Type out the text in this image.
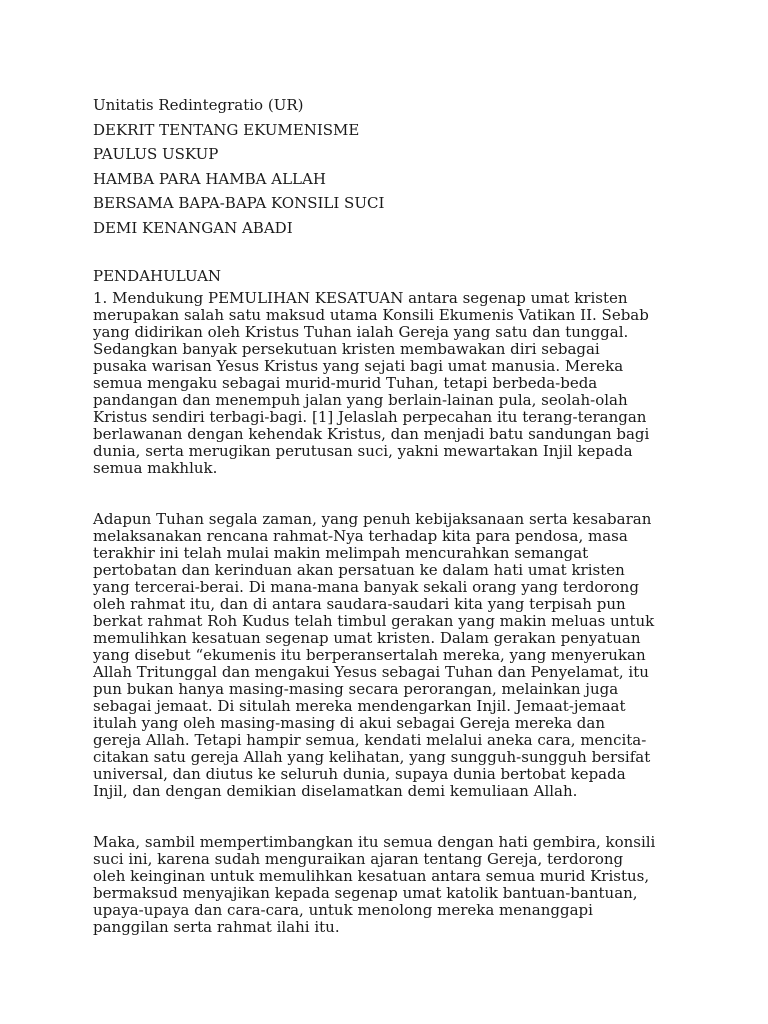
Unitatis Redintegratio (UR)

DEKRIT TENTANG EKUMENISME

PAULUS USKUP

HAMBA PARA HAMBA ALLAH

BERSAMA BAPA-BAPA KONSILI SUCI

DEMI KENANGAN ABADI

PENDAHULUAN

1. Mendukung PEMULIHAN KESATUAN antara segenap umat kristen
merupakan salah satu maksud utama Konsili Ekumenis Vatikan II. Sebab
yang didirikan oleh Kristus Tuhan ialah Gereja yang satu dan tunggal.
Sedangkan banyak persekutuan kristen membawakan diri sebagai
pusaka warisan Yesus Kristus yang sejati bagi umat manusia. Mereka
semua mengaku sebagai murid-murid Tuhan, tetapi berbeda-beda
pandangan dan menempuh jalan yang berlain-lainan pula, seolah-olah
Kristus sendiri terbagi-bagi. [1] Jelaslah perpecahan itu terang-terangan
berlawanan dengan kehendak Kristus, dan menjadi batu sandungan bagi
dunia, serta merugikan perutusan suci, yakni mewartakan Injil kepada
semua makhluk.
Adapun Tuhan segala zaman, yang penuh kebijaksanaan serta kesabaran
melaksanakan rencana rahmat-Nya terhadap kita para pendosa, masa
terakhir ini telah mulai makin melimpah mencurahkan semangat
pertobatan dan kerinduan akan persatuan ke dalam hati umat kristen
yang tercerai-berai. Di mana-mana banyak sekali orang yang terdorong
oleh rahmat itu, dan di antara saudara-saudari kita yang terpisah pun
berkat rahmat Roh Kudus telah timbul gerakan yang makin meluas untuk
memulihkan kesatuan segenap umat kristen. Dalam gerakan penyatuan
yang disebut “ekumenis itu berperansertalah mereka, yang menyerukan
Allah Tritunggal dan mengakui Yesus sebagai Tuhan dan Penyelamat, itu
pun bukan hanya masing-masing secara perorangan, melainkan juga
sebagai jemaat. Di situlah mereka mendengarkan Injil. Jemaat-jemaat
itulah yang oleh masing-masing di akui sebagai Gereja mereka dan
gereja Allah. Tetapi hampir semua, kendati melalui aneka cara, mencita-
citakan satu gereja Allah yang kelihatan, yang sungguh-sungguh bersifat
universal, dan diutus ke seluruh dunia, supaya dunia bertobat kepada
Injil, dan dengan demikian diselamatkan demi kemuliaan Allah.
Maka, sambil mempertimbangkan itu semua dengan hati gembira, konsili
suci ini, karena sudah menguraikan ajaran tentang Gereja, terdorong
oleh keinginan untuk memulihkan kesatuan antara semua murid Kristus,
bermaksud menyajikan kepada segenap umat katolik bantuan-bantuan,
upaya-upaya dan cara-cara, untuk menolong mereka menanggapi
panggilan serta rahmat ilahi itu.
